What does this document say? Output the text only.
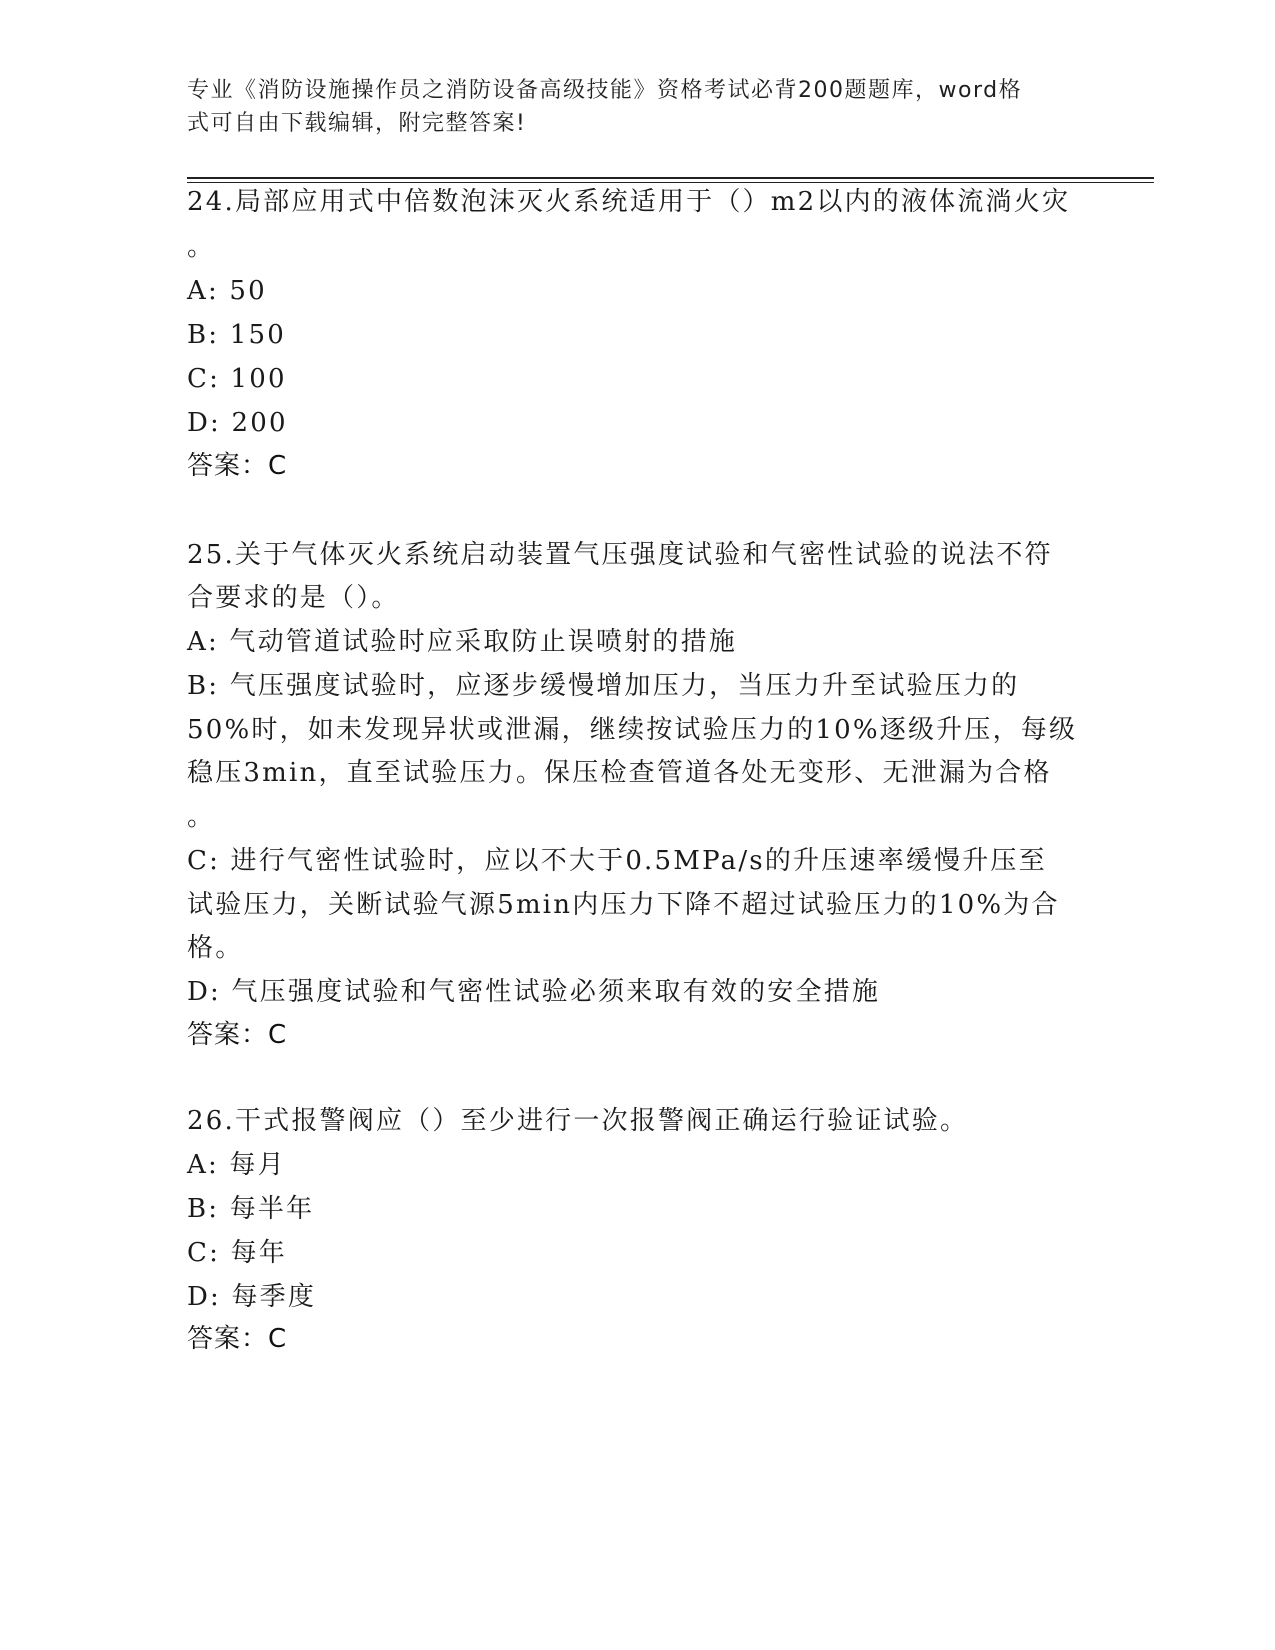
专业《消防设施操作员之消防设备高级技能》资格考试必背200题题库，word格
式可自由下载编辑，附完整答案!
24.局部应用式中倍数泡沫灭火系统适用于（）m2以内的液体流淌火灾
。
A: 50
B: 150
C: 100
D: 200
答案：C
25.关于气体灭火系统启动装置气压强度试验和气密性试验的说法不符
合要求的是（）。
A: 气动管道试验时应采取防止误喷射的措施
B: 气压强度试验时，应逐步缓慢增加压力，当压力升至试验压力的
50%时，如未发现异状或泄漏，继续按试验压力的10%逐级升压，每级
稳压3min，直至试验压力。保压检查管道各处无变形、无泄漏为合格
。
C: 进行气密性试验时，应以不大于0.5MPa/s的升压速率缓慢升压至
试验压力，关断试验气源5min内压力下降不超过试验压力的10%为合
格。
D: 气压强度试验和气密性试验必须来取有效的安全措施
答案：C
26.干式报警阀应（）至少进行一次报警阀正确运行验证试验。
A: 每月
B: 每半年
C: 每年
D: 每季度
答案：C
